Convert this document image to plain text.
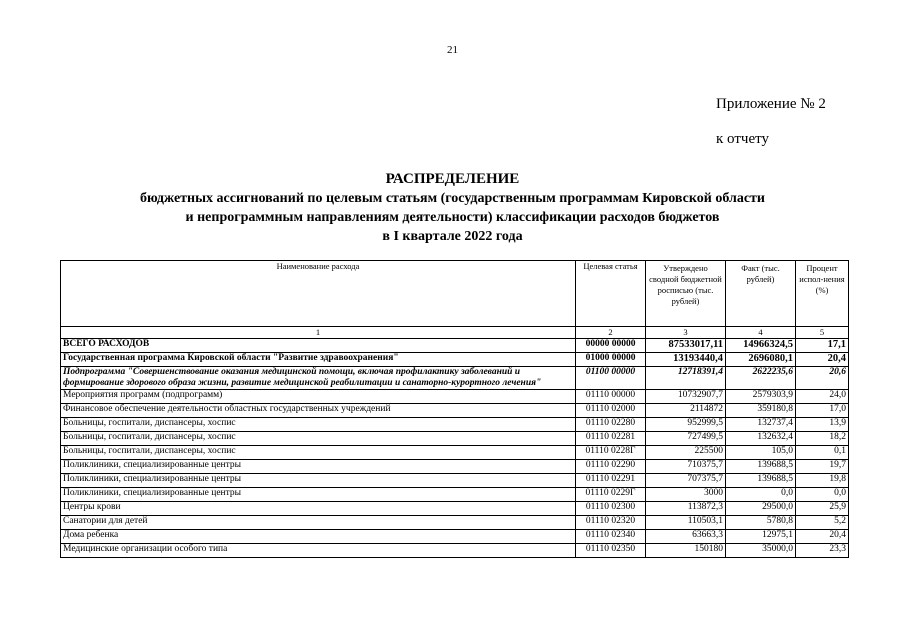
21
Приложение № 2
к отчету
РАСПРЕДЕЛЕНИЕ
бюджетных ассигнований по целевым статьям (государственным программам Кировской области
и непрограммным направлениям деятельности) классификации расходов бюджетов
в I квартале 2022 года
Наименование расхода	Целевая статья	Утверждено сводной бюджетной росписью (тыс. рублей)	Факт (тыс. рублей)	Процент испол-нения (%)
1	2	3	4	5
ВСЕГО РАСХОДОВ	00000 00000	87533017,11	14966324,5	17,1
Государственная программа Кировской области "Развитие здравоохранения"	01000 00000	13193440,4	2696080,1	20,4
Подпрограмма "Совершенствование оказания медицинской помощи, включая профилактику заболеваний и формирование здорового образа жизни, развитие медицинской реабилитации и санаторно-курортного лечения"	01100 00000	12718391,4	2622235,6	20,6
Мероприятия программ (подпрограмм)	01110 00000	10732907,7	2579303,9	24,0
Финансовое обеспечение деятельности областных государственных учреждений	01110 02000	2114872	359180,8	17,0
Больницы, госпитали, диспансеры, хоспис	01110 02280	952999,5	132737,4	13,9
Больницы, госпитали, диспансеры, хоспис	01110 02281	727499,5	132632,4	18,2
Больницы, госпитали, диспансеры, хоспис	01110 0228Г	225500	105,0	0,1
Поликлиники, специализированные центры	01110 02290	710375,7	139688,5	19,7
Поликлиники, специализированные центры	01110 02291	707375,7	139688,5	19,8
Поликлиники, специализированные центры	01110 0229Г	3000	0,0	0,0
Центры крови	01110 02300	113872,3	29500,0	25,9
Санатории для детей	01110 02320	110503,1	5780,8	5,2
Дома ребенка	01110 02340	63663,3	12975,1	20,4
Медицинские организации особого типа	01110 02350	150180	35000,0	23,3
